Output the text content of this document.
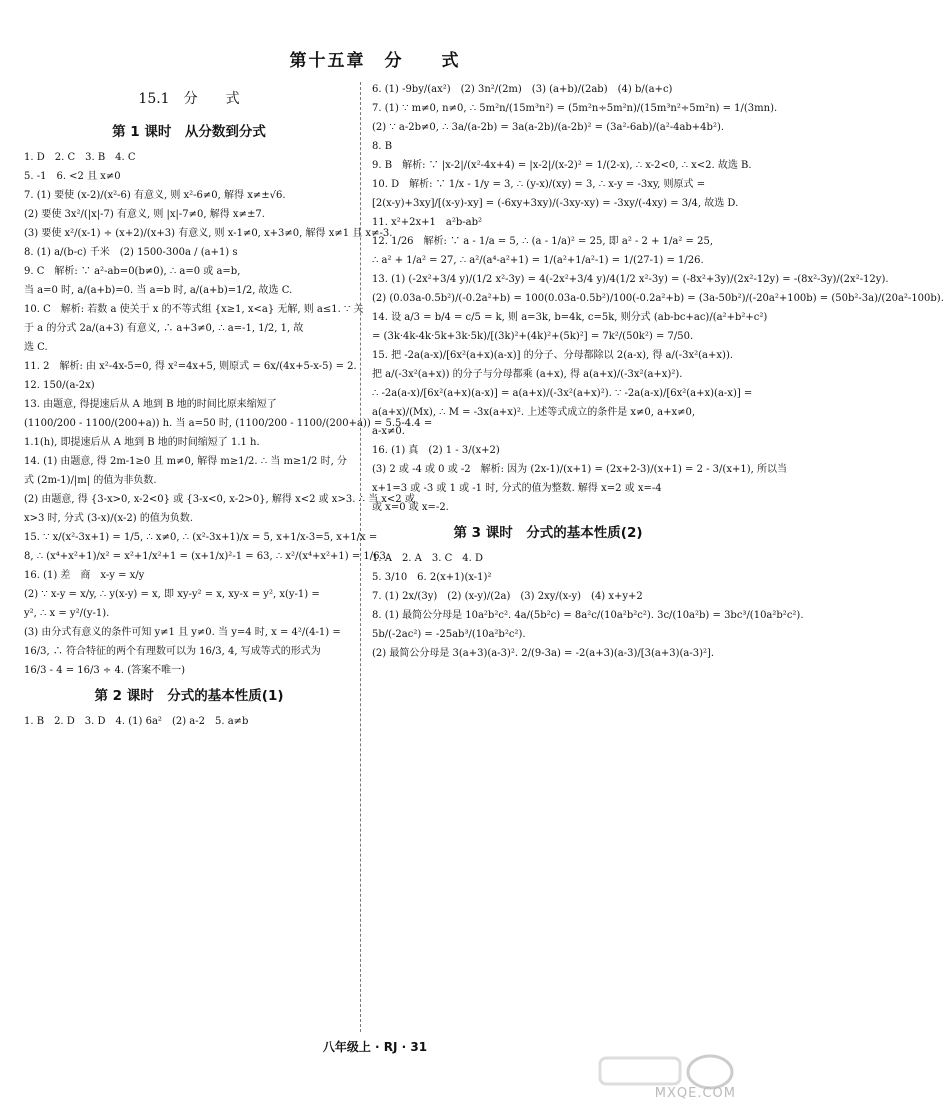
第十五章　分　　式
15.1　分　　式
第 1 课时　从分数到分式
1. D　2. C　3. B　4. C
5. -1　6. <2 且 x≠0
7. (1) 要使 (x-2)/(x²-6) 有意义, 则 x²-6≠0, 解得 x≠±√6.
(2) 要使 3x²/(|x|-7) 有意义, 则 |x|-7≠0, 解得 x≠±7.
(3) 要使 x²/(x-1) ÷ (x+2)/(x+3) 有意义, 则 x-1≠0, x+3≠0, 解得 x≠1 且 x≠-3.
8. (1) a/(b-c) 千米　(2) 1500-300a / (a+1) s
9. C　解析: ∵ a²-ab=0(b≠0), ∴ a=0 或 a=b,
当 a=0 时, a/(a+b)=0. 当 a=b 时, a/(a+b)=1/2, 故选 C.
10. C　解析: 若数 a 使关于 x 的不等式组 {x≥1, x<a} 无解, 则 a≤1. ∵ 关
于 a 的分式 2a/(a+3) 有意义, ∴ a+3≠0, ∴ a=-1, 1/2, 1, 故
选 C.
11. 2　解析: 由 x²-4x-5=0, 得 x²=4x+5, 则原式 = 6x/(4x+5-x-5) = 2.
12. 150/(a-2x)
13. 由题意, 得提速后从 A 地到 B 地的时间比原来缩短了
(1100/200 - 1100/(200+a)) h. 当 a=50 时, (1100/200 - 1100/(200+a)) = 5.5-4.4 =
1.1(h), 即提速后从 A 地到 B 地的时间缩短了 1.1 h.
14. (1) 由题意, 得 2m-1≥0 且 m≠0, 解得 m≥1/2. ∴ 当 m≥1/2 时, 分
式 (2m-1)/|m| 的值为非负数.
(2) 由题意, 得 {3-x>0, x-2<0} 或 {3-x<0, x-2>0}, 解得 x<2 或 x>3. ∴ 当 x<2 或
x>3 时, 分式 (3-x)/(x-2) 的值为负数.
15. ∵ x/(x²-3x+1) = 1/5, ∴ x≠0, ∴ (x²-3x+1)/x = 5, x+1/x-3=5, x+1/x =
8, ∴ (x⁴+x²+1)/x² = x²+1/x²+1 = (x+1/x)²-1 = 63, ∴ x²/(x⁴+x²+1) = 1/63.
16. (1) 差　商　x-y = x/y
(2) ∵ x-y = x/y, ∴ y(x-y) = x, 即 xy-y² = x, xy-x = y², x(y-1) =
y², ∴ x = y²/(y-1).
(3) 由分式有意义的条件可知 y≠1 且 y≠0. 当 y=4 时, x = 4²/(4-1) =
16/3, ∴ 符合特征的两个有理数可以为 16/3, 4, 写成等式的形式为
16/3 - 4 = 16/3 ÷ 4. (答案不唯一)
第 2 课时　分式的基本性质(1)
1. B　2. D　3. D　4. (1) 6a²　(2) a-2　5. a≠b
6. (1) -9by/(ax²)　(2) 3n²/(2m)　(3) (a+b)/(2ab)　(4) b/(a+c)
7. (1) ∵ m≠0, n≠0, ∴ 5m²n/(15m³n²) = (5m²n÷5m²n)/(15m³n²÷5m²n) = 1/(3mn).
(2) ∵ a-2b≠0, ∴ 3a/(a-2b) = 3a(a-2b)/(a-2b)² = (3a²-6ab)/(a²-4ab+4b²).
8. B
9. B　解析: ∵ |x-2|/(x²-4x+4) = |x-2|/(x-2)² = 1/(2-x), ∴ x-2<0, ∴ x<2. 故选 B.
10. D　解析: ∵ 1/x - 1/y = 3, ∴ (y-x)/(xy) = 3, ∴ x-y = -3xy, 则原式 =
[2(x-y)+3xy]/[(x-y)-xy] = (-6xy+3xy)/(-3xy-xy) = -3xy/(-4xy) = 3/4, 故选 D.
11. x²+2x+1　a²b-ab²
12. 1/26　解析: ∵ a - 1/a = 5, ∴ (a - 1/a)² = 25, 即 a² - 2 + 1/a² = 25,
∴ a² + 1/a² = 27, ∴ a²/(a⁴-a²+1) = 1/(a²+1/a²-1) = 1/(27-1) = 1/26.
13. (1) (-2x²+3/4 y)/(1/2 x²-3y) = 4(-2x²+3/4 y)/4(1/2 x²-3y) = (-8x²+3y)/(2x²-12y) = -(8x²-3y)/(2x²-12y).
(2) (0.03a-0.5b²)/(-0.2a²+b) = 100(0.03a-0.5b²)/100(-0.2a²+b) = (3a-50b²)/(-20a²+100b) = (50b²-3a)/(20a²-100b).
14. 设 a/3 = b/4 = c/5 = k, 则 a=3k, b=4k, c=5k, 则分式 (ab-bc+ac)/(a²+b²+c²)
= (3k·4k-4k·5k+3k·5k)/[(3k)²+(4k)²+(5k)²] = 7k²/(50k²) = 7/50.
15. 把 -2a(a-x)/[6x²(a+x)(a-x)] 的分子、分母都除以 2(a-x), 得 a/(-3x²(a+x)).
把 a/(-3x²(a+x)) 的分子与分母都乘 (a+x), 得 a(a+x)/(-3x²(a+x)²).
∴ -2a(a-x)/[6x²(a+x)(a-x)] = a(a+x)/(-3x²(a+x)²). ∵ -2a(a-x)/[6x²(a+x)(a-x)] =
a(a+x)/(Mx), ∴ M = -3x(a+x)². 上述等式成立的条件是 x≠0, a+x≠0,
a-x≠0.
16. (1) 真　(2) 1 - 3/(x+2)
(3) 2 或 -4 或 0 或 -2　解析: 因为 (2x-1)/(x+1) = (2x+2-3)/(x+1) = 2 - 3/(x+1), 所以当
x+1=3 或 -3 或 1 或 -1 时, 分式的值为整数. 解得 x=2 或 x=-4
或 x=0 或 x=-2.
第 3 课时　分式的基本性质(2)
1. A　2. A　3. C　4. D
5. 3/10　6. 2(x+1)(x-1)²
7. (1) 2x/(3y)　(2) (x-y)/(2a)　(3) 2xy/(x-y)　(4) x+y+2
8. (1) 最简公分母是 10a²b²c². 4a/(5b²c) = 8a²c/(10a²b²c²). 3c/(10a²b) = 3bc³/(10a²b²c²).
5b/(-2ac²) = -25ab³/(10a²b²c²).
(2) 最简公分母是 3(a+3)(a-3)². 2/(9-3a) = -2(a+3)(a-3)/[3(a+3)(a-3)²].
八年级上 · RJ · 31
MXQE.COM
